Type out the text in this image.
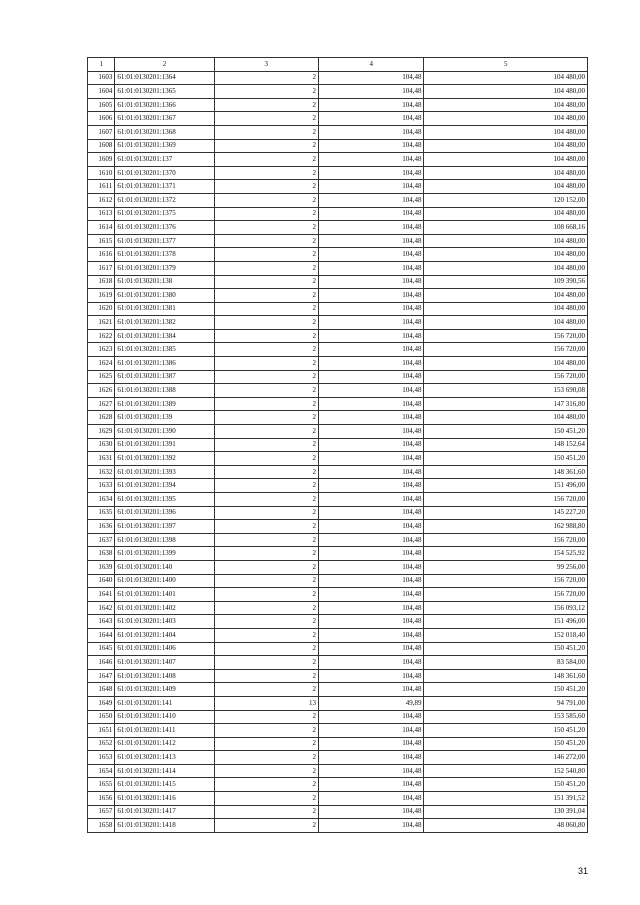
1	2	3	4	5
1603	61:01:0130201:1364	2	104,48	104 480,00
1604	61:01:0130201:1365	2	104,48	104 480,00
1605	61:01:0130201:1366	2	104,48	104 480,00
1606	61:01:0130201:1367	2	104,48	104 480,00
1607	61:01:0130201:1368	2	104,48	104 480,00
1608	61:01:0130201:1369	2	104,48	104 480,00
1609	61:01:0130201:137	2	104,48	104 480,00
1610	61:01:0130201:1370	2	104,48	104 480,00
1611	61:01:0130201:1371	2	104,48	104 480,00
1612	61:01:0130201:1372	2	104,48	120 152,00
1613	61:01:0130201:1375	2	104,48	104 480,00
1614	61:01:0130201:1376	2	104,48	108 668,16
1615	61:01:0130201:1377	2	104,48	104 480,00
1616	61:01:0130201:1378	2	104,48	104 480,00
1617	61:01:0130201:1379	2	104,48	104 480,00
1618	61:01:0130201:138	2	104,48	109 390,56
1619	61:01:0130201:1380	2	104,48	104 480,00
1620	61:01:0130201:1381	2	104,48	104 480,00
1621	61:01:0130201:1382	2	104,48	104 480,00
1622	61:01:0130201:1384	2	104,48	156 720,00
1623	61:01:0130201:1385	2	104,48	156 720,00
1624	61:01:0130201:1386	2	104,48	104 480,00
1625	61:01:0130201:1387	2	104,48	156 720,00
1626	61:01:0130201:1388	2	104,48	153 690,08
1627	61:01:0130201:1389	2	104,48	147 316,80
1628	61:01:0130201:139	2	104,48	104 480,00
1629	61:01:0130201:1390	2	104,48	150 451,20
1630	61:01:0130201:1391	2	104,48	148 152,64
1631	61:01:0130201:1392	2	104,48	150 451,20
1632	61:01:0130201:1393	2	104,48	148 361,60
1633	61:01:0130201:1394	2	104,48	151 496,00
1634	61:01:0130201:1395	2	104,48	156 720,00
1635	61:01:0130201:1396	2	104,48	145 227,20
1636	61:01:0130201:1397	2	104,48	162 988,80
1637	61:01:0130201:1398	2	104,48	156 720,00
1638	61:01:0130201:1399	2	104,48	154 525,92
1639	61:01:0130201:140	2	104,48	99 256,00
1640	61:01:0130201:1400	2	104,48	156 720,00
1641	61:01:0130201:1401	2	104,48	156 720,00
1642	61:01:0130201:1402	2	104,48	156 093,12
1643	61:01:0130201:1403	2	104,48	151 496,00
1644	61:01:0130201:1404	2	104,48	152 018,40
1645	61:01:0130201:1406	2	104,48	150 451,20
1646	61:01:0130201:1407	2	104,48	83 584,00
1647	61:01:0130201:1408	2	104,48	148 361,60
1648	61:01:0130201:1409	2	104,48	150 451,20
1649	61:01:0130201:141	13	49,89	94 791,00
1650	61:01:0130201:1410	2	104,48	153 585,60
1651	61:01:0130201:1411	2	104,48	150 451,20
1652	61:01:0130201:1412	2	104,48	150 451,20
1653	61:01:0130201:1413	2	104,48	146 272,00
1654	61:01:0130201:1414	2	104,48	152 540,80
1655	61:01:0130201:1415	2	104,48	150 451,20
1656	61:01:0130201:1416	2	104,48	151 391,52
1657	61:01:0130201:1417	2	104,48	130 391,04
1658	61:01:0130201:1418	2	104,48	48 060,80
31
